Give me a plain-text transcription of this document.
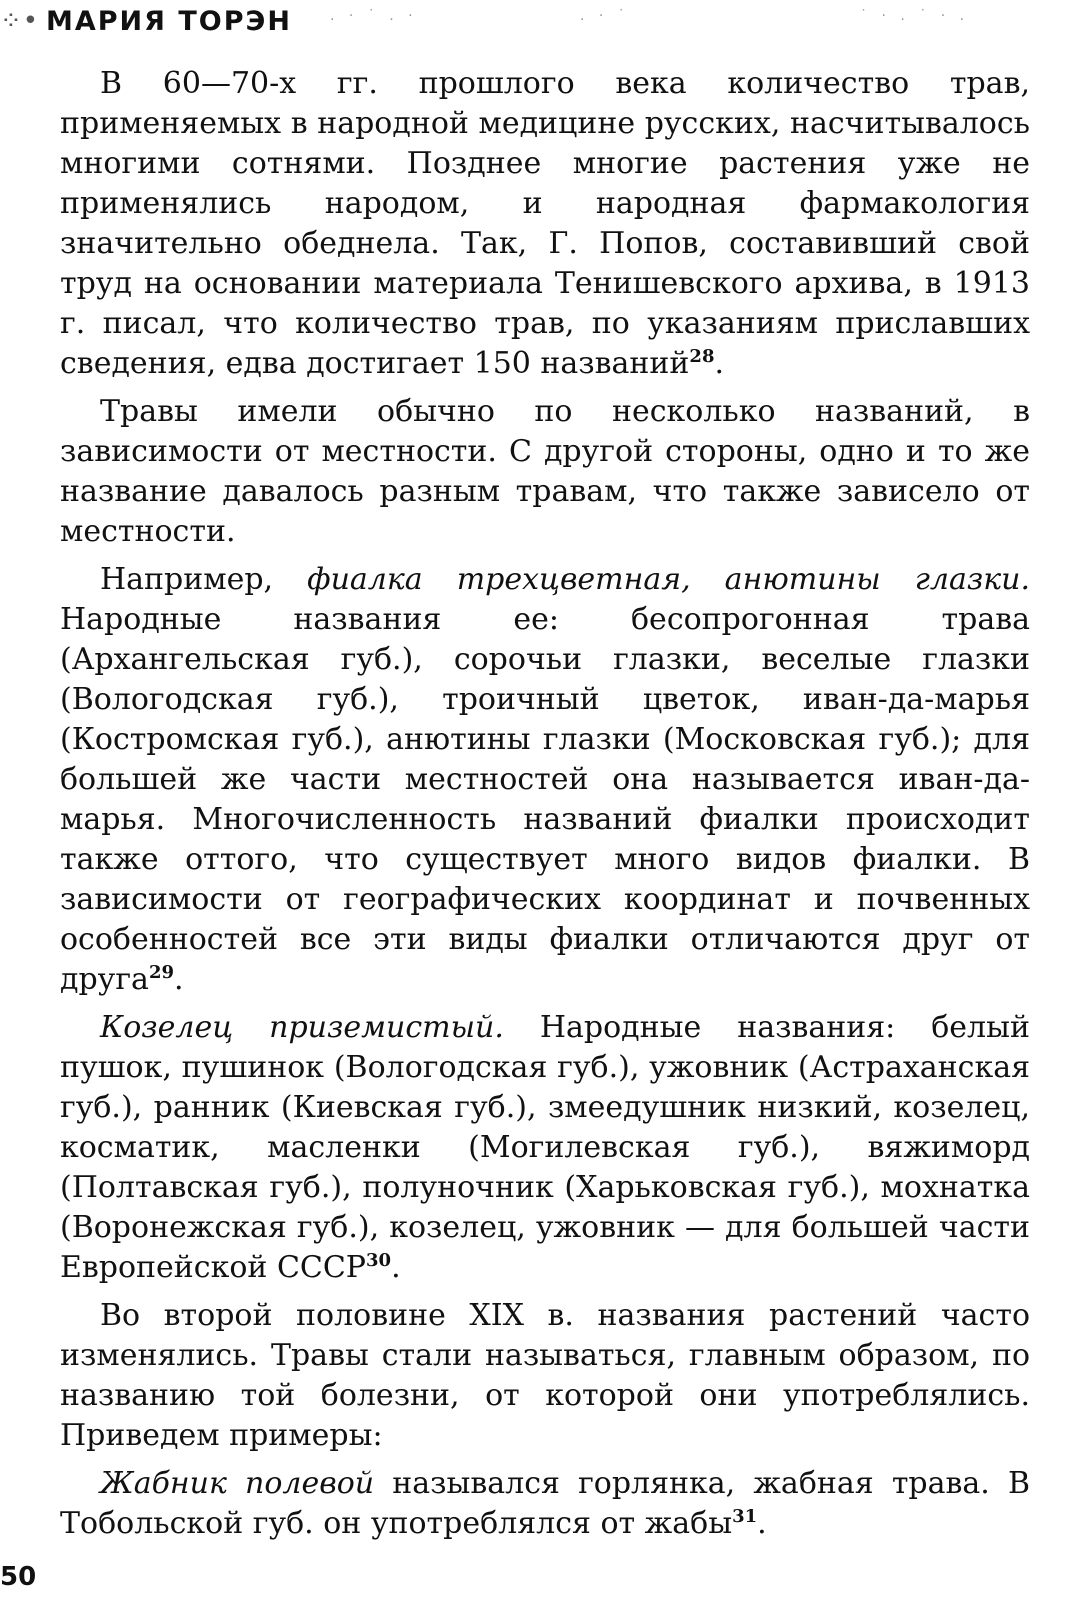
⁘• МАРИЯ ТОРЭН	. · ˙ . ·	. · ˙	˙ · . ˙ · .

В 60—70-х гг. прошлого века количество трав, применяемых в народной медицине русских, насчитывалось многими сотнями. Позднее многие растения уже не применялись народом, и народная фармакология значительно обеднела. Так, Г. Попов, составивший свой труд на основании материала Тенишевского архива, в 1913 г. писал, что количество трав, по указаниям приславших сведения, едва достигает 150 названий$^{28}$.

Травы имели обычно по несколько названий, в зависимости от местности. С другой стороны, одно и то же название давалось разным травам, что также зависело от местности.

Например, фиалка трехцветная, анютины глазки. Народные названия ее: бесопрогонная трава (Архангельская губ.), сорочьи глазки, веселые глазки (Вологодская губ.), троичный цветок, иван-да-марья (Костромская губ.), анютины глазки (Московская губ.); для большей же части местностей она называется иван-да-марья. Многочисленность названий фиалки происходит также оттого, что существует много видов фиалки. В зависимости от географических координат и почвенных особенностей все эти виды фиалки отличаются друг от друга$^{29}$.

Козелец приземистый. Народные названия: белый пушок, пушинок (Вологодская губ.), ужовник (Астраханская губ.), ранник (Киевская губ.), змеедушник низкий, козелец, косматик, масленки (Могилевская губ.), вяжиморд (Полтавская губ.), полуночник (Харьковская губ.), мохнатка (Воронежская губ.), козелец, ужовник — для большей части Европейской СССР$^{30}$.

Во второй половине XIX в. названия растений часто изменялись. Травы стали называться, главным образом, по названию той болезни, от которой они употреблялись. Приведем примеры:

Жабник полевой назывался горлянка, жабная трава. В Тобольской губ. он употреблялся от жабы$^{31}$.

50
